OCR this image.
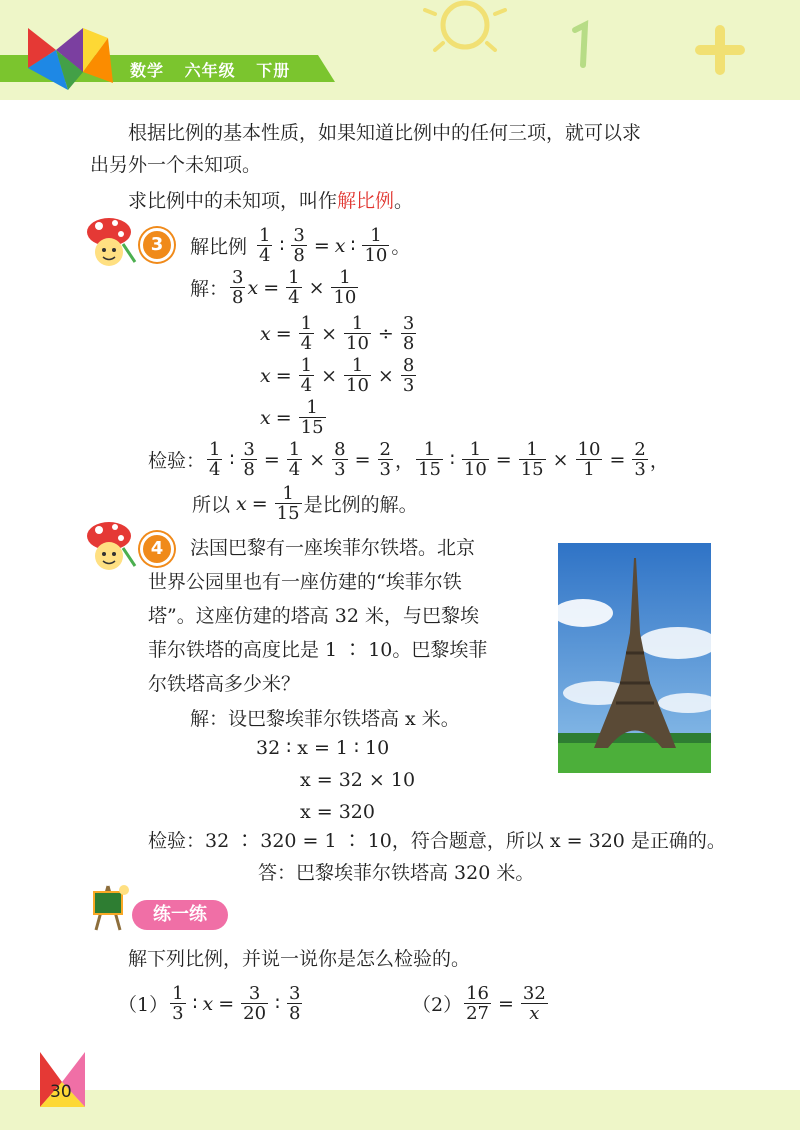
数学 六年级 下册
根据比例的基本性质，如果知道比例中的任何三项，就可以求
出另外一个未知项。
求比例中的未知项，叫作解比例。
3	解比例 $\frac{1}{4}$ ∶ $\frac{3}{8} = x$ ∶ $\frac{1}{10}$ 。
解： $\frac{3}{8}$ $x = \frac{1}{4} \times \frac{1}{10}$
$x = \frac{1}{4} \times \frac{1}{10} \div \frac{3}{8}$
$x = \frac{1}{4} \times \frac{1}{10} \times \frac{8}{3}$
$x = \frac{1}{15}$
检验： $\frac{1}{4}$ ∶ $\frac{3}{8} = \frac{1}{4} \times \frac{8}{3} = \frac{2}{3}$ ， $\frac{1}{15}$ ∶ $\frac{1}{10} = \frac{1}{15} \times \frac{10}{1} = \frac{2}{3}$ ，
所以 $x = \frac{1}{15}$ 是比例的解。
4	法国巴黎有一座埃菲尔铁塔。北京
世界公园里也有一座仿建的“埃菲尔铁
塔”。这座仿建的塔高 32 米，与巴黎埃
菲尔铁塔的高度比是 1 ∶ 10。巴黎埃菲
尔铁塔高多少米？
解：设巴黎埃菲尔铁塔高 x 米。
32 ∶ x = 1 ∶ 10
x = 32 × 10
x = 320
检验：32 ∶ 320 = 1 ∶ 10，符合题意，所以 x = 320 是正确的。
答：巴黎埃菲尔铁塔高 320 米。
练一练
解下列比例，并说一说你是怎么检验的。
$(1) \frac{1}{3}$ ∶ $x = \frac{3}{20}$ ∶ $\frac{3}{8}$	$(2) \frac{16}{27} = \frac{32}{x}$
30
